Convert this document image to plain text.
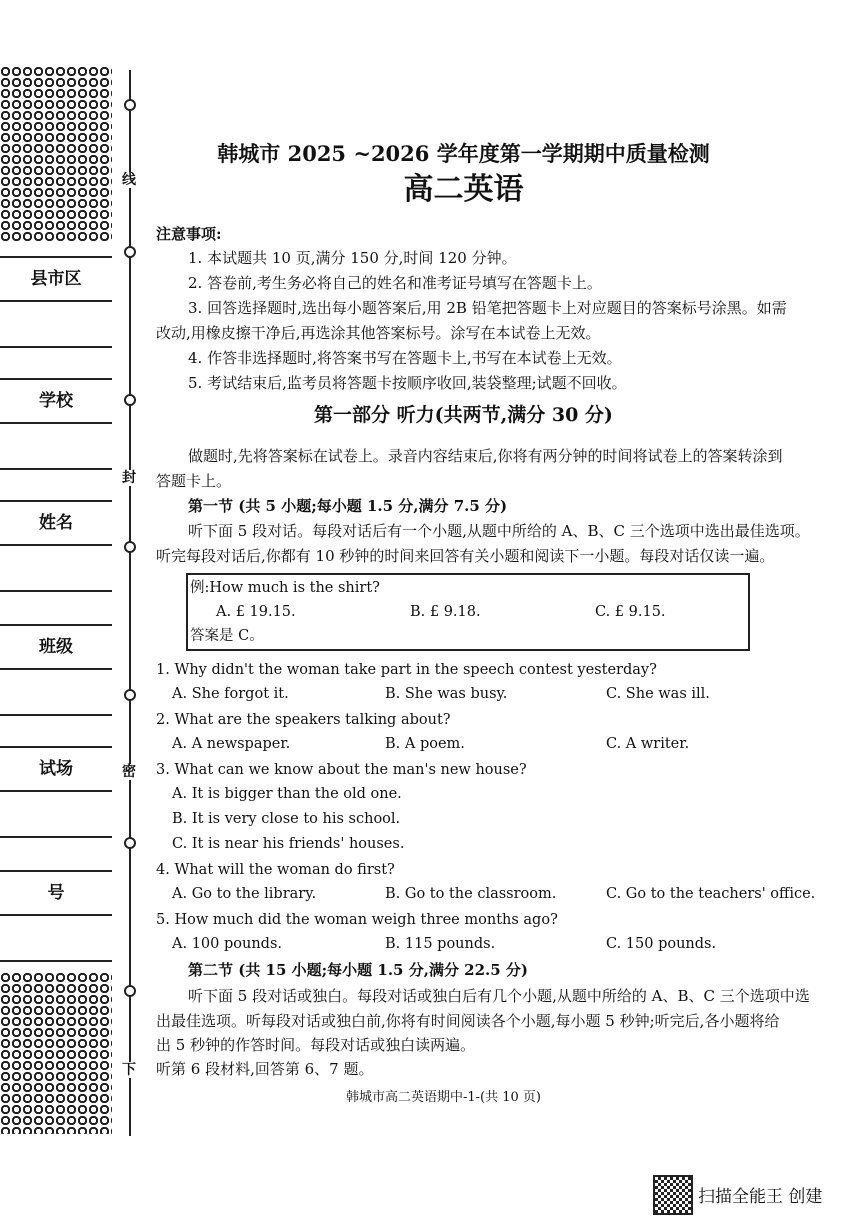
县市区
学校
姓名
班级
试场
号
线
封
密
下
韩城市 2025 ~2026 学年度第一学期期中质量检测
高二英语
注意事项:
1. 本试题共 10 页,满分 150 分,时间 120 分钟。
2. 答卷前,考生务必将自己的姓名和准考证号填写在答题卡上。
3. 回答选择题时,选出每小题答案后,用 2B 铅笔把答题卡上对应题目的答案标号涂黑。如需
改动,用橡皮擦干净后,再选涂其他答案标号。涂写在本试卷上无效。
4. 作答非选择题时,将答案书写在答题卡上,书写在本试卷上无效。
5. 考试结束后,监考员将答题卡按顺序收回,装袋整理;试题不回收。
第一部分 听力(共两节,满分 30 分)
做题时,先将答案标在试卷上。录音内容结束后,你将有两分钟的时间将试卷上的答案转涂到
答题卡上。
第一节 (共 5 小题;每小题 1.5 分,满分 7.5 分)
听下面 5 段对话。每段对话后有一个小题,从题中所给的 A、B、C 三个选项中选出最佳选项。
听完每段对话后,你都有 10 秒钟的时间来回答有关小题和阅读下一小题。每段对话仅读一遍。
例:How much is the shirt?
A. £ 19.15.	B. £ 9.18.	C. £ 9.15.
答案是 C。
1. Why didn't the woman take part in the speech contest yesterday?
A. She forgot it.	B. She was busy.	C. She was ill.
2. What are the speakers talking about?
A. A newspaper.	B. A poem.	C. A writer.
3. What can we know about the man's new house?
A. It is bigger than the old one.
B. It is very close to his school.
C. It is near his friends' houses.
4. What will the woman do first?
A. Go to the library.	B. Go to the classroom.	C. Go to the teachers' office.
5. How much did the woman weigh three months ago?
A. 100 pounds.	B. 115 pounds.	C. 150 pounds.
第二节 (共 15 小题;每小题 1.5 分,满分 22.5 分)
听下面 5 段对话或独白。每段对话或独白后有几个小题,从题中所给的 A、B、C 三个选项中选
出最佳选项。听每段对话或独白前,你将有时间阅读各个小题,每小题 5 秒钟;听完后,各小题将给
出 5 秒钟的作答时间。每段对话或独白读两遍。
听第 6 段材料,回答第 6、7 题。
韩城市高二英语期中-1-(共 10 页)
扫描全能王 创建
